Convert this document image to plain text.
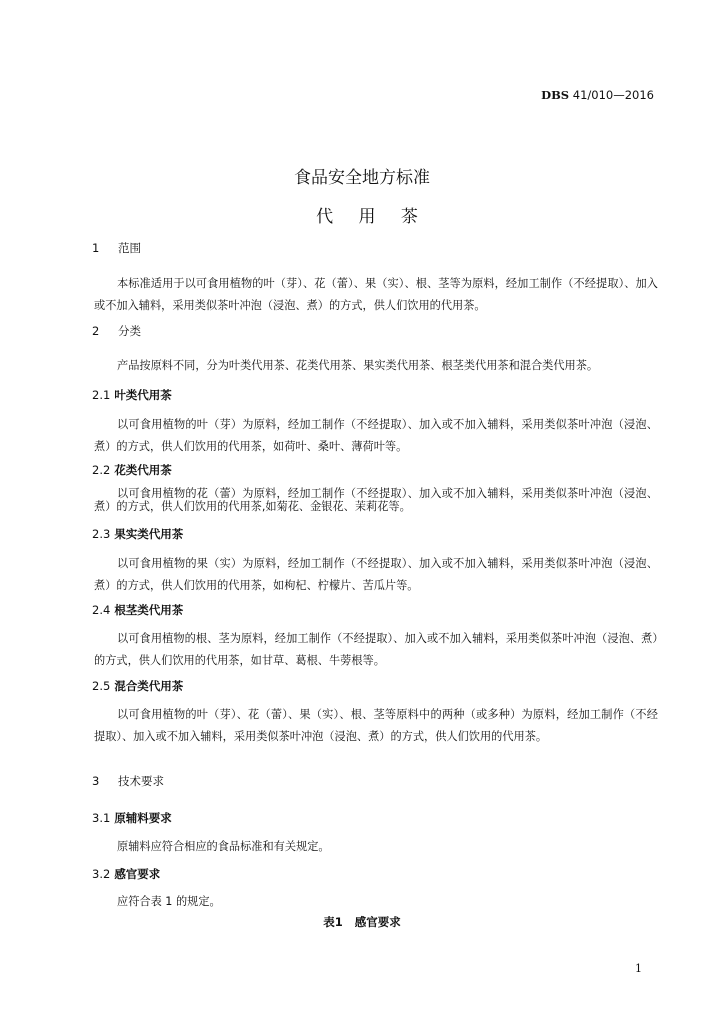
DBS 41/010—2016

食品安全地方标准

代 用 茶

1 范围

本标准适用于以可食用植物的叶（芽）、花（蕾）、果（实）、根、茎等为原料，经加工制作（不经提取）、加入或不加入辅料，采用类似茶叶冲泡（浸泡、煮）的方式，供人们饮用的代用茶。

2 分类

产品按原料不同，分为叶类代用茶、花类代用茶、果实类代用茶、根茎类代用茶和混合类代用茶。

2.1 叶类代用茶

以可食用植物的叶（芽）为原料，经加工制作（不经提取）、加入或不加入辅料，采用类似茶叶冲泡（浸泡、煮）的方式，供人们饮用的代用茶，如荷叶、桑叶、薄荷叶等。

2.2 花类代用茶

以可食用植物的花（蕾）为原料，经加工制作（不经提取）、加入或不加入辅料，采用类似茶叶冲泡（浸泡、煮）的方式，供人们饮用的代用茶,如菊花、金银花、茉莉花等。

2.3 果实类代用茶

以可食用植物的果（实）为原料，经加工制作（不经提取）、加入或不加入辅料，采用类似茶叶冲泡（浸泡、煮）的方式，供人们饮用的代用茶，如枸杞、柠檬片、苦瓜片等。

2.4 根茎类代用茶

以可食用植物的根、茎为原料，经加工制作（不经提取）、加入或不加入辅料，采用类似茶叶冲泡（浸泡、煮）的方式，供人们饮用的代用茶，如甘草、葛根、牛蒡根等。

2.5 混合类代用茶

以可食用植物的叶（芽）、花（蕾）、果（实）、根、茎等原料中的两种（或多种）为原料，经加工制作（不经提取）、加入或不加入辅料，采用类似茶叶冲泡（浸泡、煮）的方式，供人们饮用的代用茶。

3 技术要求

3.1 原辅料要求

原辅料应符合相应的食品标准和有关规定。

3.2 感官要求

应符合表 1 的规定。

表1 感官要求

1
